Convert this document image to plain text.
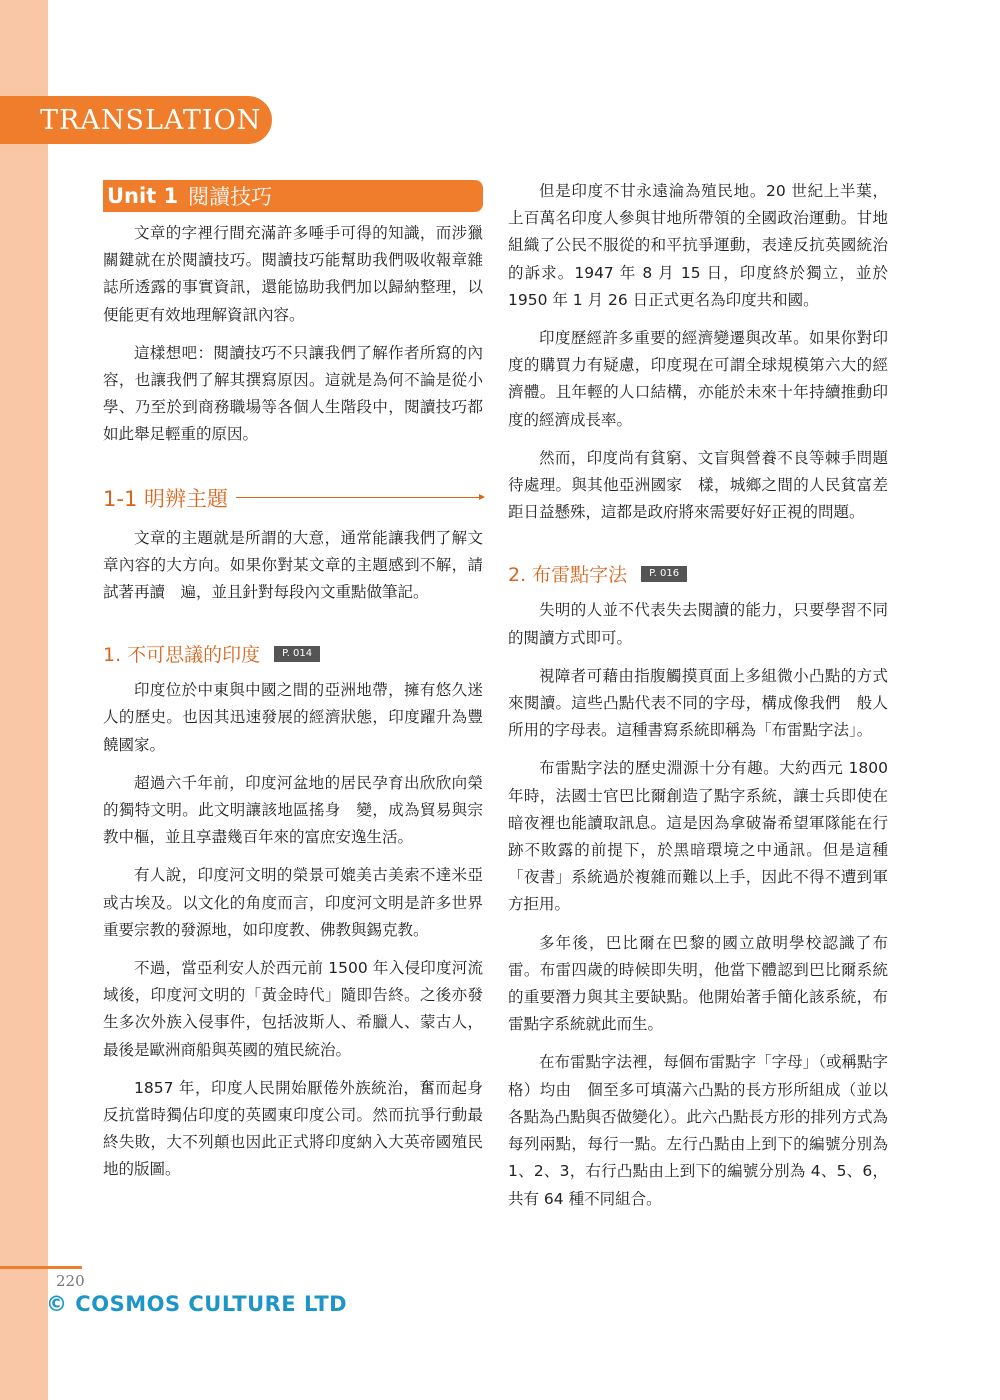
TRANSLATION
Unit 1 閱讀技巧

文章的字裡行間充滿許多唾手可得的知識，而涉獵關鍵就在於閱讀技巧。閱讀技巧能幫助我們吸收報章雜誌所透露的事實資訊，還能協助我們加以歸納整理，以便能更有效地理解資訊內容。

這樣想吧：閱讀技巧不只讓我們了解作者所寫的內容，也讓我們了解其撰寫原因。這就是為何不論是從小學、乃至於到商務職場等各個人生階段中，閱讀技巧都如此舉足輕重的原因。

1-1 明辨主題

文章的主題就是所謂的大意，通常能讓我們了解文章內容的大方向。如果你對某文章的主題感到不解，請試著再讀　遍，並且針對每段內文重點做筆記。

1. 不可思議的印度	P. 014

印度位於中東與中國之間的亞洲地帶，擁有悠久迷人的歷史。也因其迅速發展的經濟狀態，印度躍升為豐饒國家。

超過六千年前，印度河盆地的居民孕育出欣欣向榮的獨特文明。此文明讓該地區搖身　變，成為貿易與宗教中樞，並且享盡幾百年來的富庶安逸生活。

有人說，印度河文明的榮景可媲美古美索不達米亞或古埃及。以文化的角度而言，印度河文明是許多世界重要宗教的發源地，如印度教、佛教與錫克教。

不過，當亞利安人於西元前 1500 年入侵印度河流域後，印度河文明的「黃金時代」隨即告終。之後亦發生多次外族入侵事件，包括波斯人、希臘人、蒙古人，最後是歐洲商船與英國的殖民統治。

1857 年，印度人民開始厭倦外族統治，奮而起身反抗當時獨佔印度的英國東印度公司。然而抗爭行動最終失敗，大不列顛也因此正式將印度納入大英帝國殖民地的版圖。

但是印度不甘永遠淪為殖民地。20 世紀上半葉，上百萬名印度人參與甘地所帶領的全國政治運動。甘地組織了公民不服從的和平抗爭運動，表達反抗英國統治的訴求。1947 年 8 月 15 日，印度終於獨立，並於 1950 年 1 月 26 日正式更名為印度共和國。

印度歷經許多重要的經濟變遷與改革。如果你對印度的購買力有疑慮，印度現在可謂全球規模第六大的經濟體。且年輕的人口結構，亦能於未來十年持續推動印度的經濟成長率。

然而，印度尚有貧窮、文盲與營養不良等棘手問題待處理。與其他亞洲國家　樣，城鄉之間的人民貧富差距日益懸殊，這都是政府將來需要好好正視的問題。

2. 布雷點字法	P. 016

失明的人並不代表失去閱讀的能力，只要學習不同的閱讀方式即可。

視障者可藉由指腹觸摸頁面上多組微小凸點的方式來閱讀。這些凸點代表不同的字母，構成像我們　般人所用的字母表。這種書寫系統即稱為「布雷點字法」。

布雷點字法的歷史淵源十分有趣。大約西元 1800 年時，法國士官巴比爾創造了點字系統，讓士兵即使在暗夜裡也能讀取訊息。這是因為拿破崙希望軍隊能在行跡不敗露的前提下，於黑暗環境之中通訊。但是這種「夜書」系統過於複雜而難以上手，因此不得不遭到軍方拒用。

多年後，巴比爾在巴黎的國立啟明學校認識了布雷。布雷四歲的時候即失明，他當下體認到巴比爾系統的重要潛力與其主要缺點。他開始著手簡化該系統，布雷點字系統就此而生。

在布雷點字法裡，每個布雷點字「字母」（或稱點字格）均由　個至多可填滿六凸點的長方形所組成（並以各點為凸點與否做變化）。此六凸點長方形的排列方式為每列兩點，每行一點。左行凸點由上到下的編號分別為 1、2、3，右行凸點由上到下的編號分別為 4、5、6，共有 64 種不同組合。

220
© COSMOS CULTURE LTD
